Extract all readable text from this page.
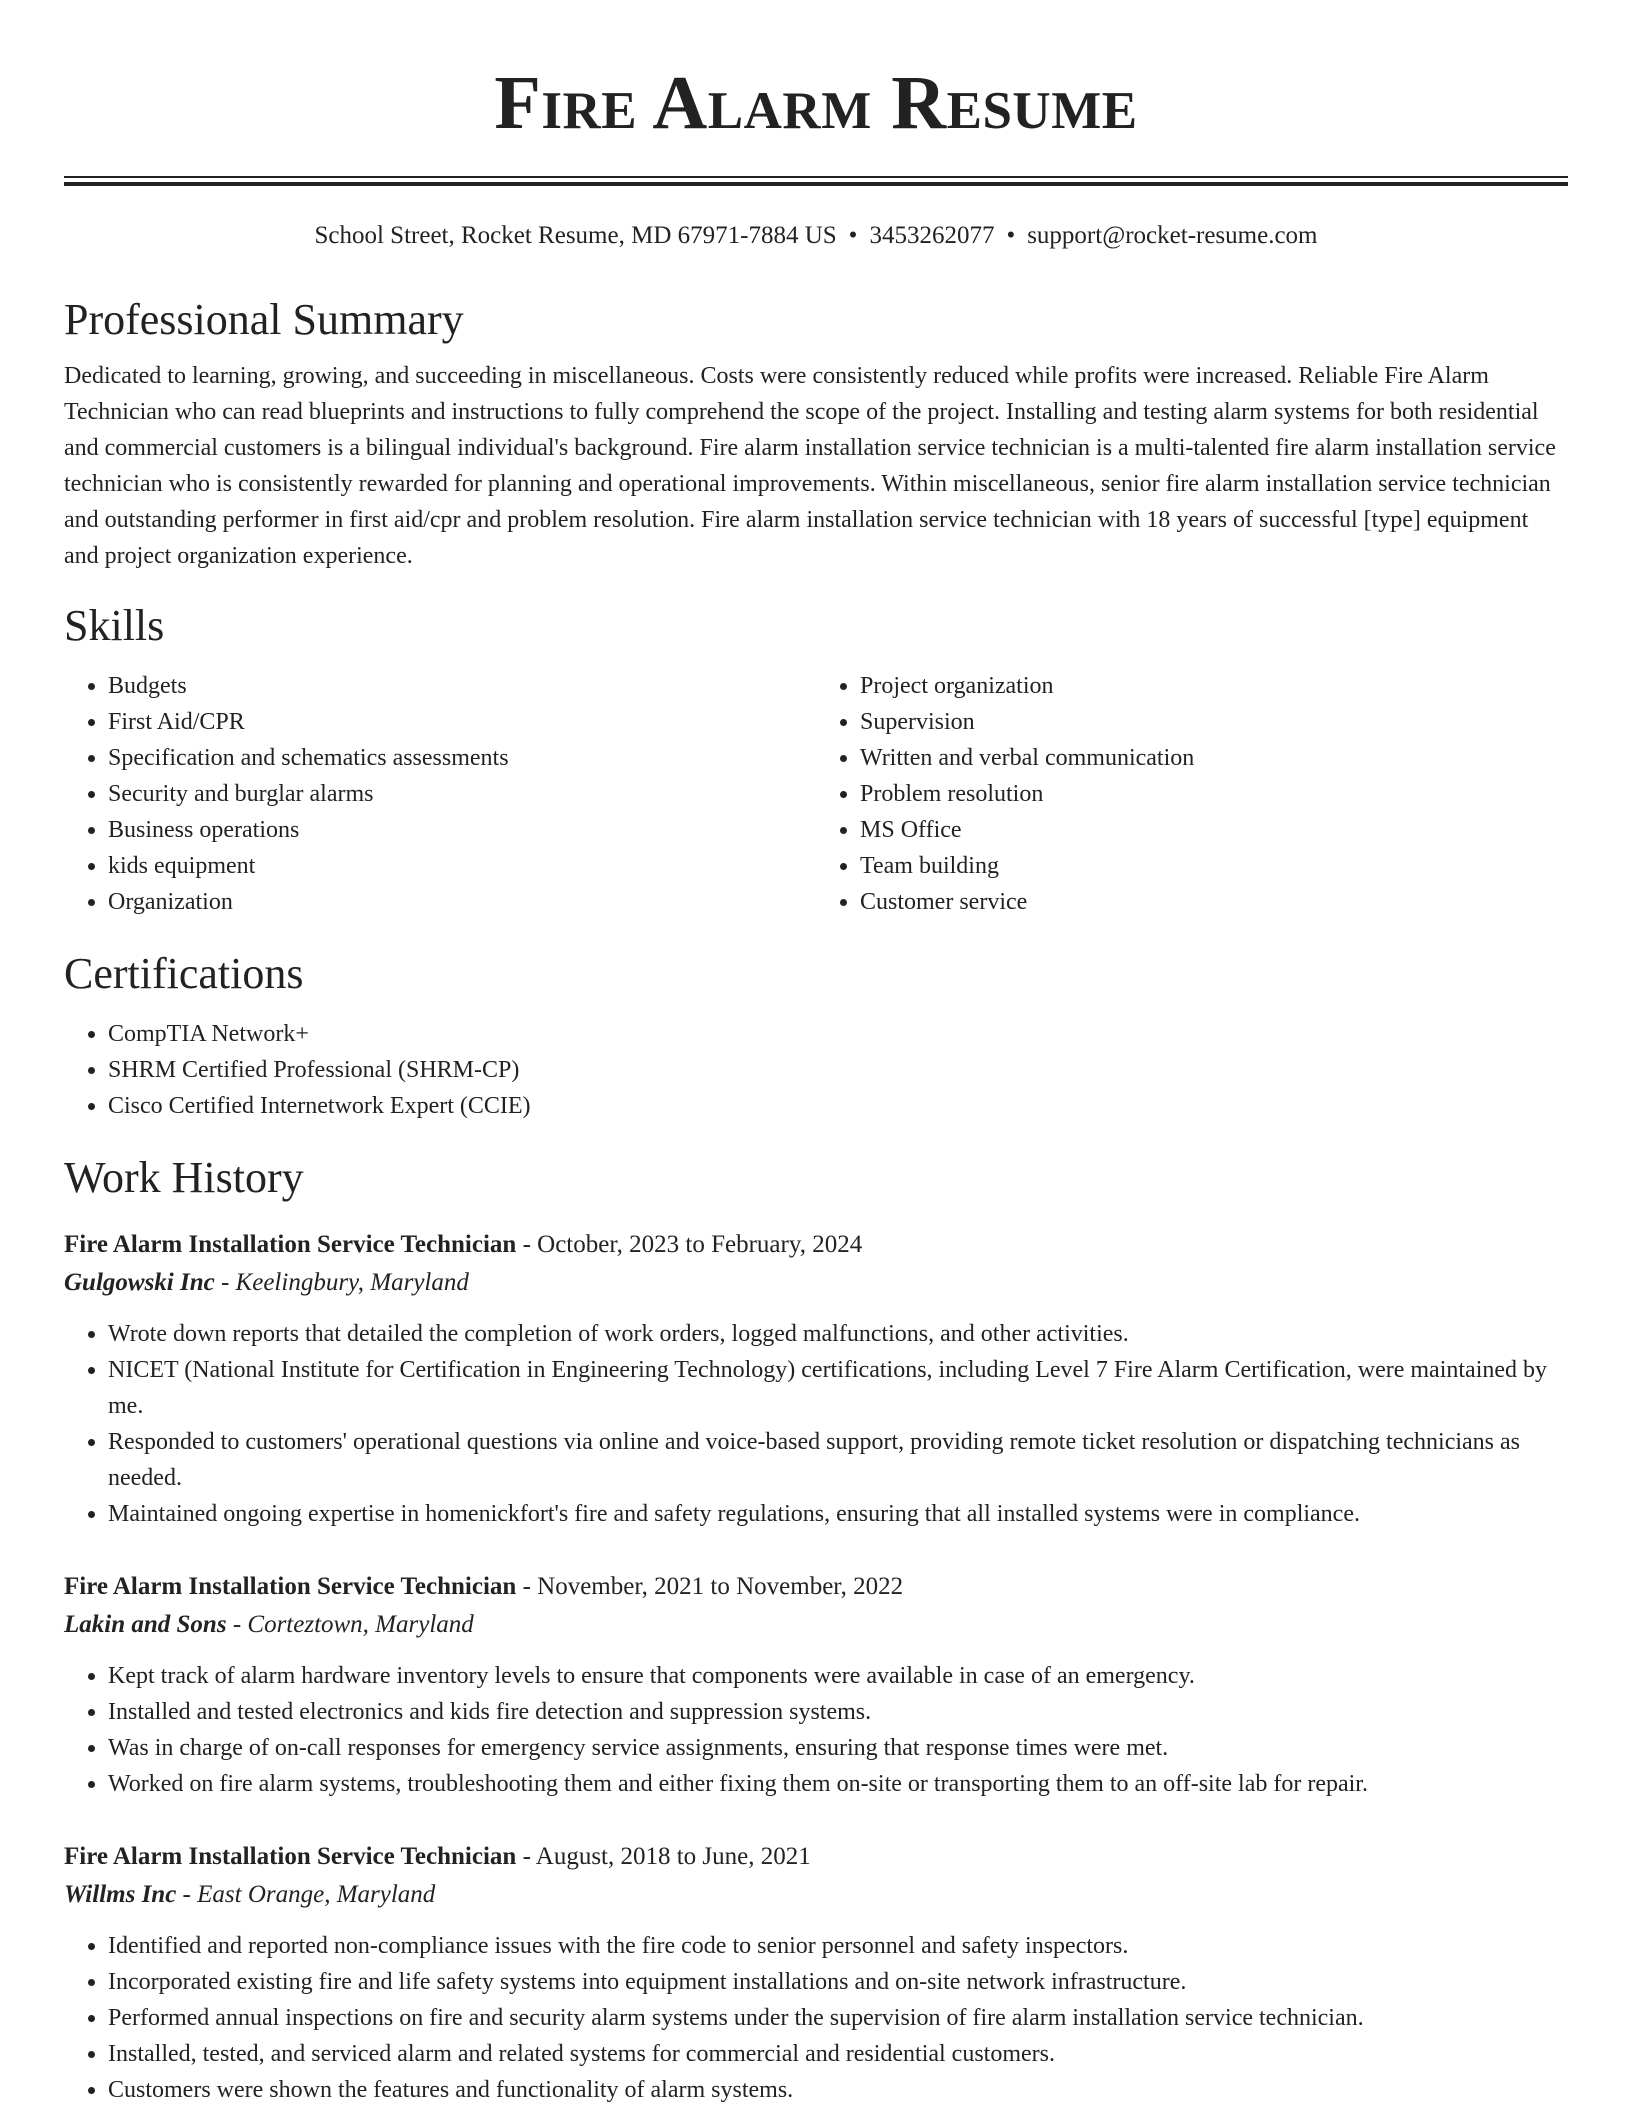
Fire Alarm Resume
School Street, Rocket Resume, MD 67971-7884 US • 3453262077 • support@rocket-resume.com
Professional Summary

Dedicated to learning, growing, and succeeding in miscellaneous. Costs were consistently reduced while profits were increased. Reliable Fire Alarm Technician who can read blueprints and instructions to fully comprehend the scope of the project. Installing and testing alarm systems for both residential and commercial customers is a bilingual individual's background. Fire alarm installation service technician is a multi-talented fire alarm installation service technician who is consistently rewarded for planning and operational improvements. Within miscellaneous, senior fire alarm installation service technician and outstanding performer in first aid/cpr and problem resolution. Fire alarm installation service technician with 18 years of successful [type] equipment and project organization experience.

Skills
• Budgets
• First Aid/CPR
• Specification and schematics assessments
• Security and burglar alarms
• Business operations
• kids equipment
• Organization
• Project organization
• Supervision
• Written and verbal communication
• Problem resolution
• MS Office
• Team building
• Customer service
Certifications
• CompTIA Network+
• SHRM Certified Professional (SHRM-CP)
• Cisco Certified Internetwork Expert (CCIE)
Work History
Fire Alarm Installation Service Technician - October, 2023 to February, 2024
Gulgowski Inc - Keelingbury, Maryland
• Wrote down reports that detailed the completion of work orders, logged malfunctions, and other activities.
• NICET (National Institute for Certification in Engineering Technology) certifications, including Level 7 Fire Alarm Certification, were maintained by me.
• Responded to customers' operational questions via online and voice-based support, providing remote ticket resolution or dispatching technicians as needed.
• Maintained ongoing expertise in homenickfort's fire and safety regulations, ensuring that all installed systems were in compliance.
Fire Alarm Installation Service Technician - November, 2021 to November, 2022
Lakin and Sons - Corteztown, Maryland
• Kept track of alarm hardware inventory levels to ensure that components were available in case of an emergency.
• Installed and tested electronics and kids fire detection and suppression systems.
• Was in charge of on-call responses for emergency service assignments, ensuring that response times were met.
• Worked on fire alarm systems, troubleshooting them and either fixing them on-site or transporting them to an off-site lab for repair.
Fire Alarm Installation Service Technician - August, 2018 to June, 2021
Willms Inc - East Orange, Maryland
• Identified and reported non-compliance issues with the fire code to senior personnel and safety inspectors.
• Incorporated existing fire and life safety systems into equipment installations and on-site network infrastructure.
• Performed annual inspections on fire and security alarm systems under the supervision of fire alarm installation service technician.
• Installed, tested, and serviced alarm and related systems for commercial and residential customers.
• Customers were shown the features and functionality of alarm systems.
